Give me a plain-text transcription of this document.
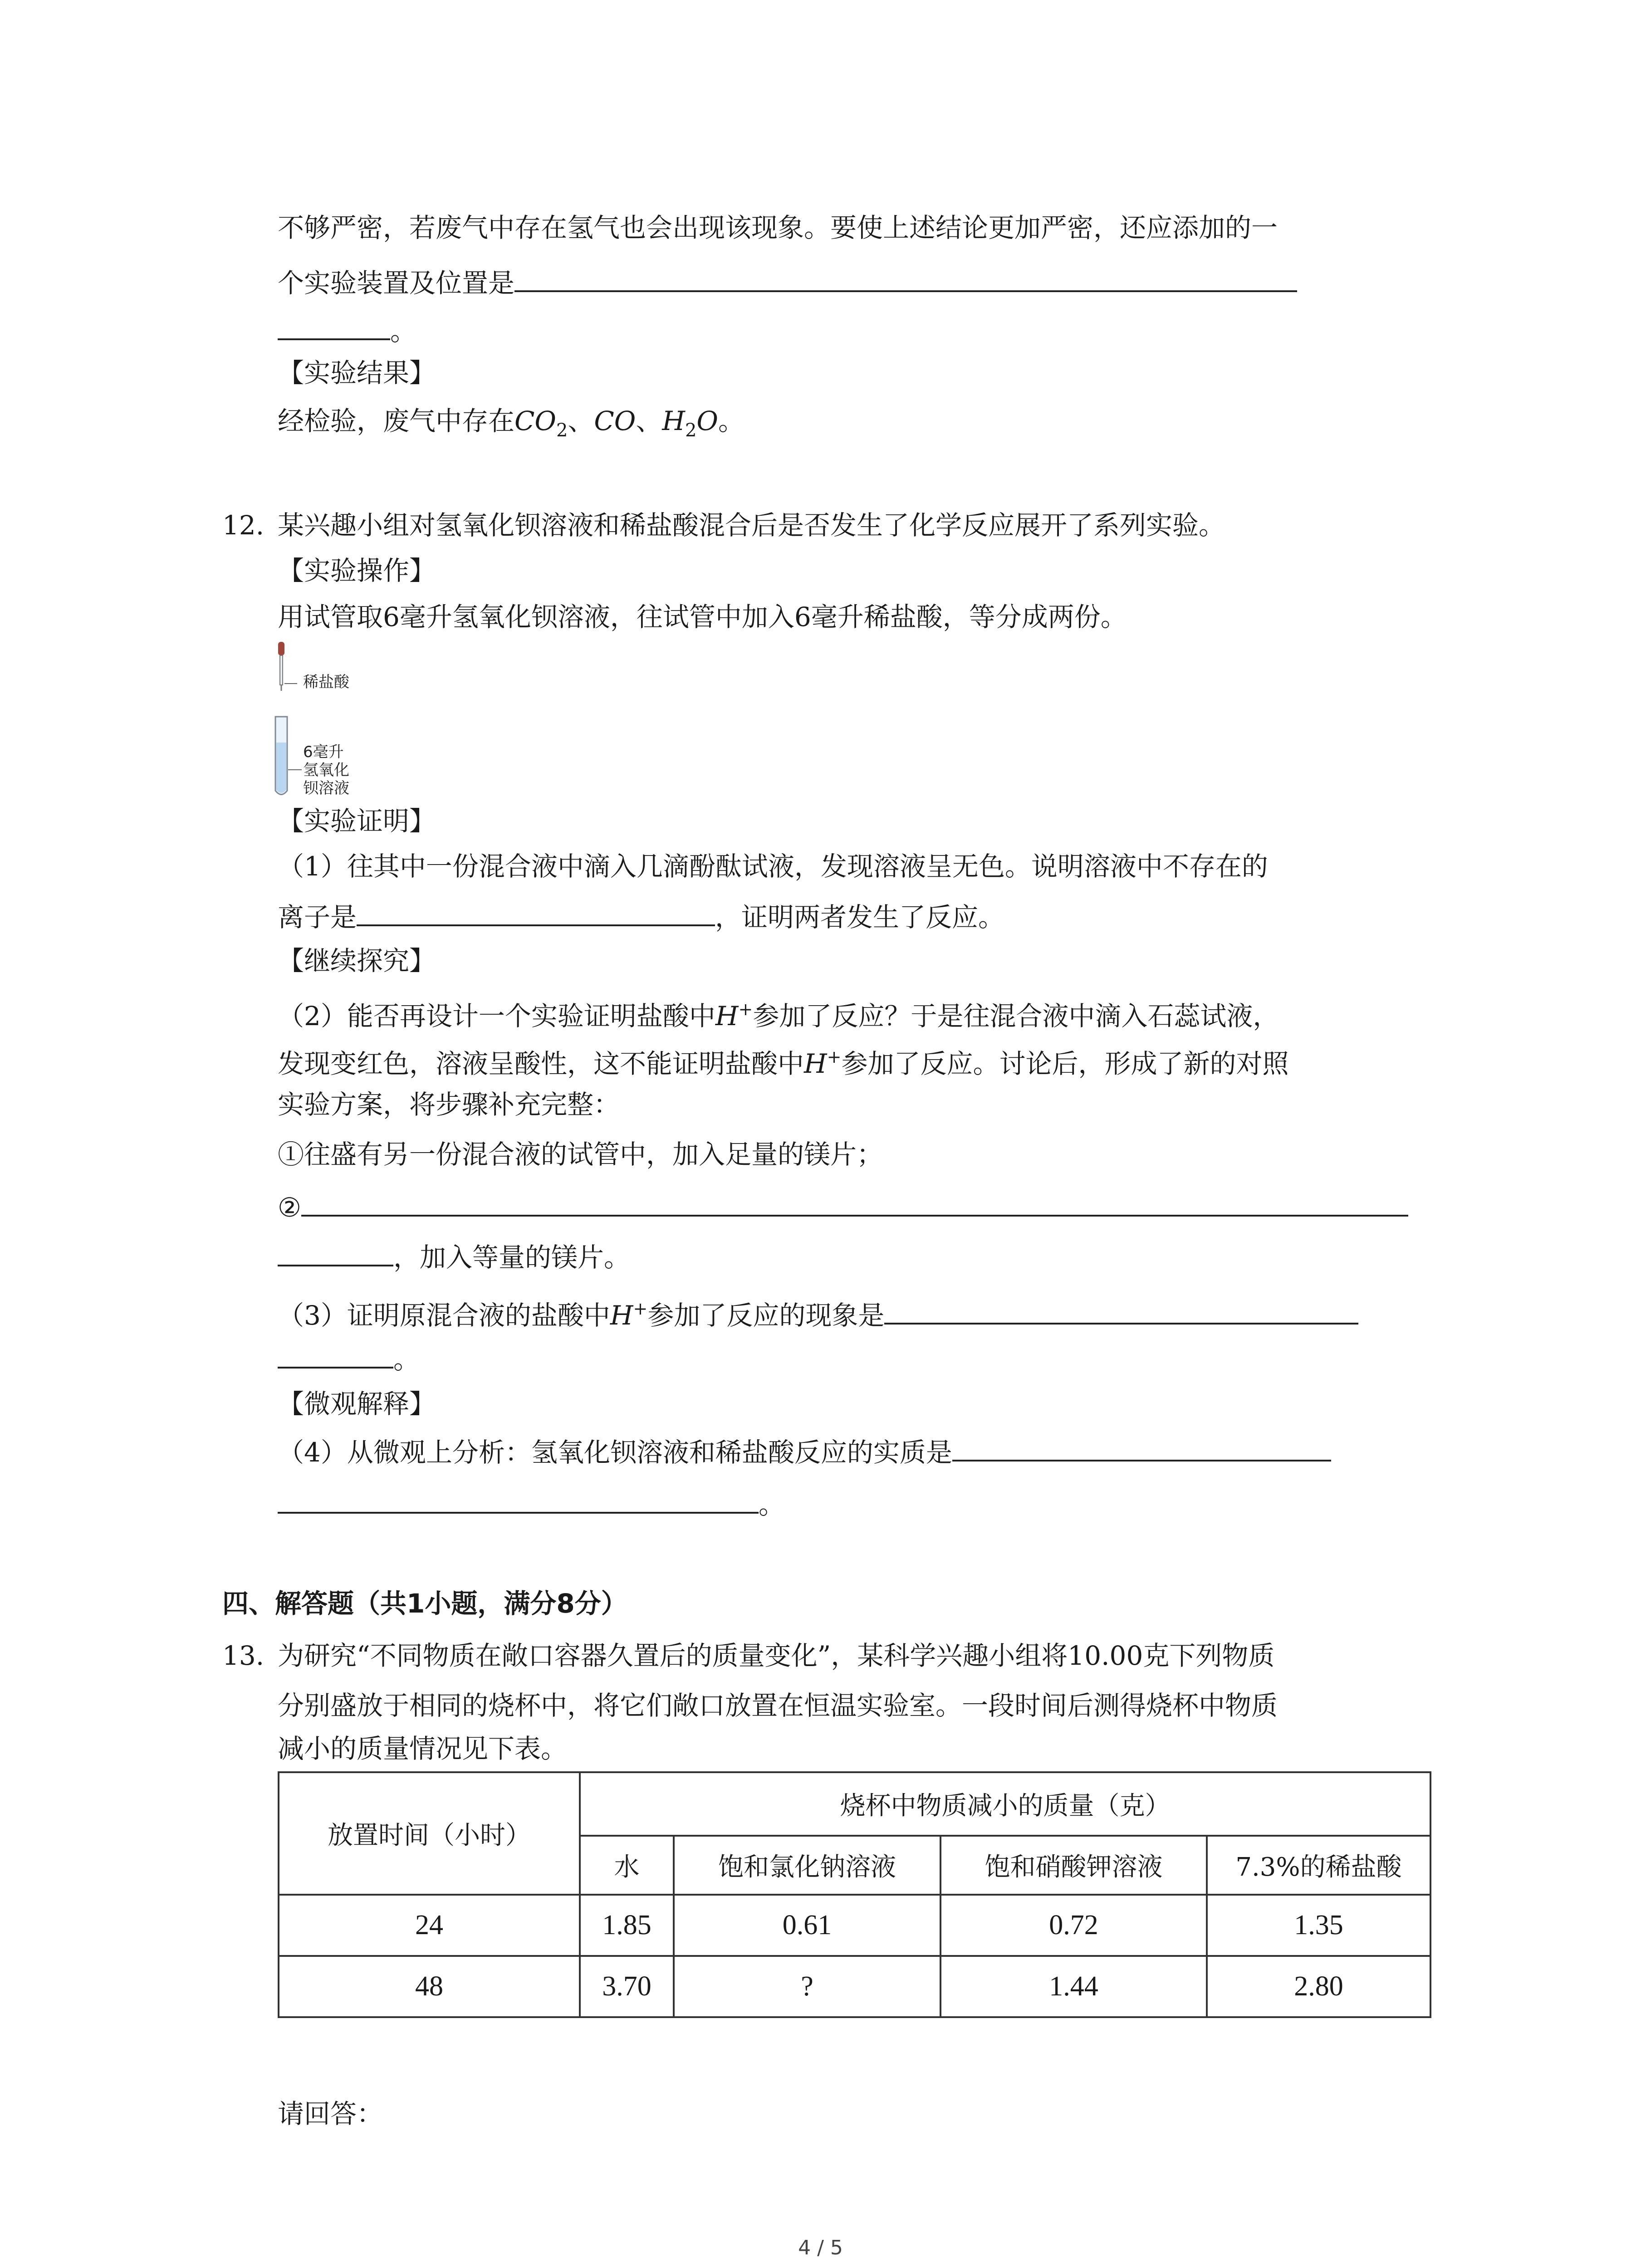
不够严密，若废气中存在氢气也会出现该现象。要使上述结论更加严密，还应添加的一
个实验装置及位置是
。
【实验结果】
经检验，废气中存在$CO_2$、CO、$H_2O$。
12. 某兴趣小组对氢氧化钡溶液和稀盐酸混合后是否发生了化学反应展开了系列实验。
【实验操作】
用试管取6毫升氢氧化钡溶液，往试管中加入6毫升稀盐酸，等分成两份。
稀盐酸
6毫升
氢氧化
钡溶液
【实验证明】
（1）往其中一份混合液中滴入几滴酚酞试液，发现溶液呈无色。说明溶液中不存在的
离子是	，证明两者发生了反应。
【继续探究】
（2）能否再设计一个实验证明盐酸中H+参加了反应？于是往混合液中滴入石蕊试液，
发现变红色，溶液呈酸性，这不能证明盐酸中H+参加了反应。讨论后，形成了新的对照
实验方案，将步骤补充完整：
①往盛有另一份混合液的试管中，加入足量的镁片；
②
，加入等量的镁片。
（3）证明原混合液的盐酸中H+参加了反应的现象是
。
【微观解释】
（4）从微观上分析：氢氧化钡溶液和稀盐酸反应的实质是
。
四、解答题（共1小题，满分8分）
13. 为研究“不同物质在敞口容器久置后的质量变化”，某科学兴趣小组将10.00克下列物质
分别盛放于相同的烧杯中，将它们敞口放置在恒温实验室。一段时间后测得烧杯中物质
减小的质量情况见下表。
放置时间（小时）	烧杯中物质减小的质量（克）			
	水	饱和氯化钠溶液	饱和硝酸钾溶液	7.3%的稀盐酸
24	1.85	0.61	0.72	1.35
48	3.70	?	1.44	2.80
请回答：
4 / 5
